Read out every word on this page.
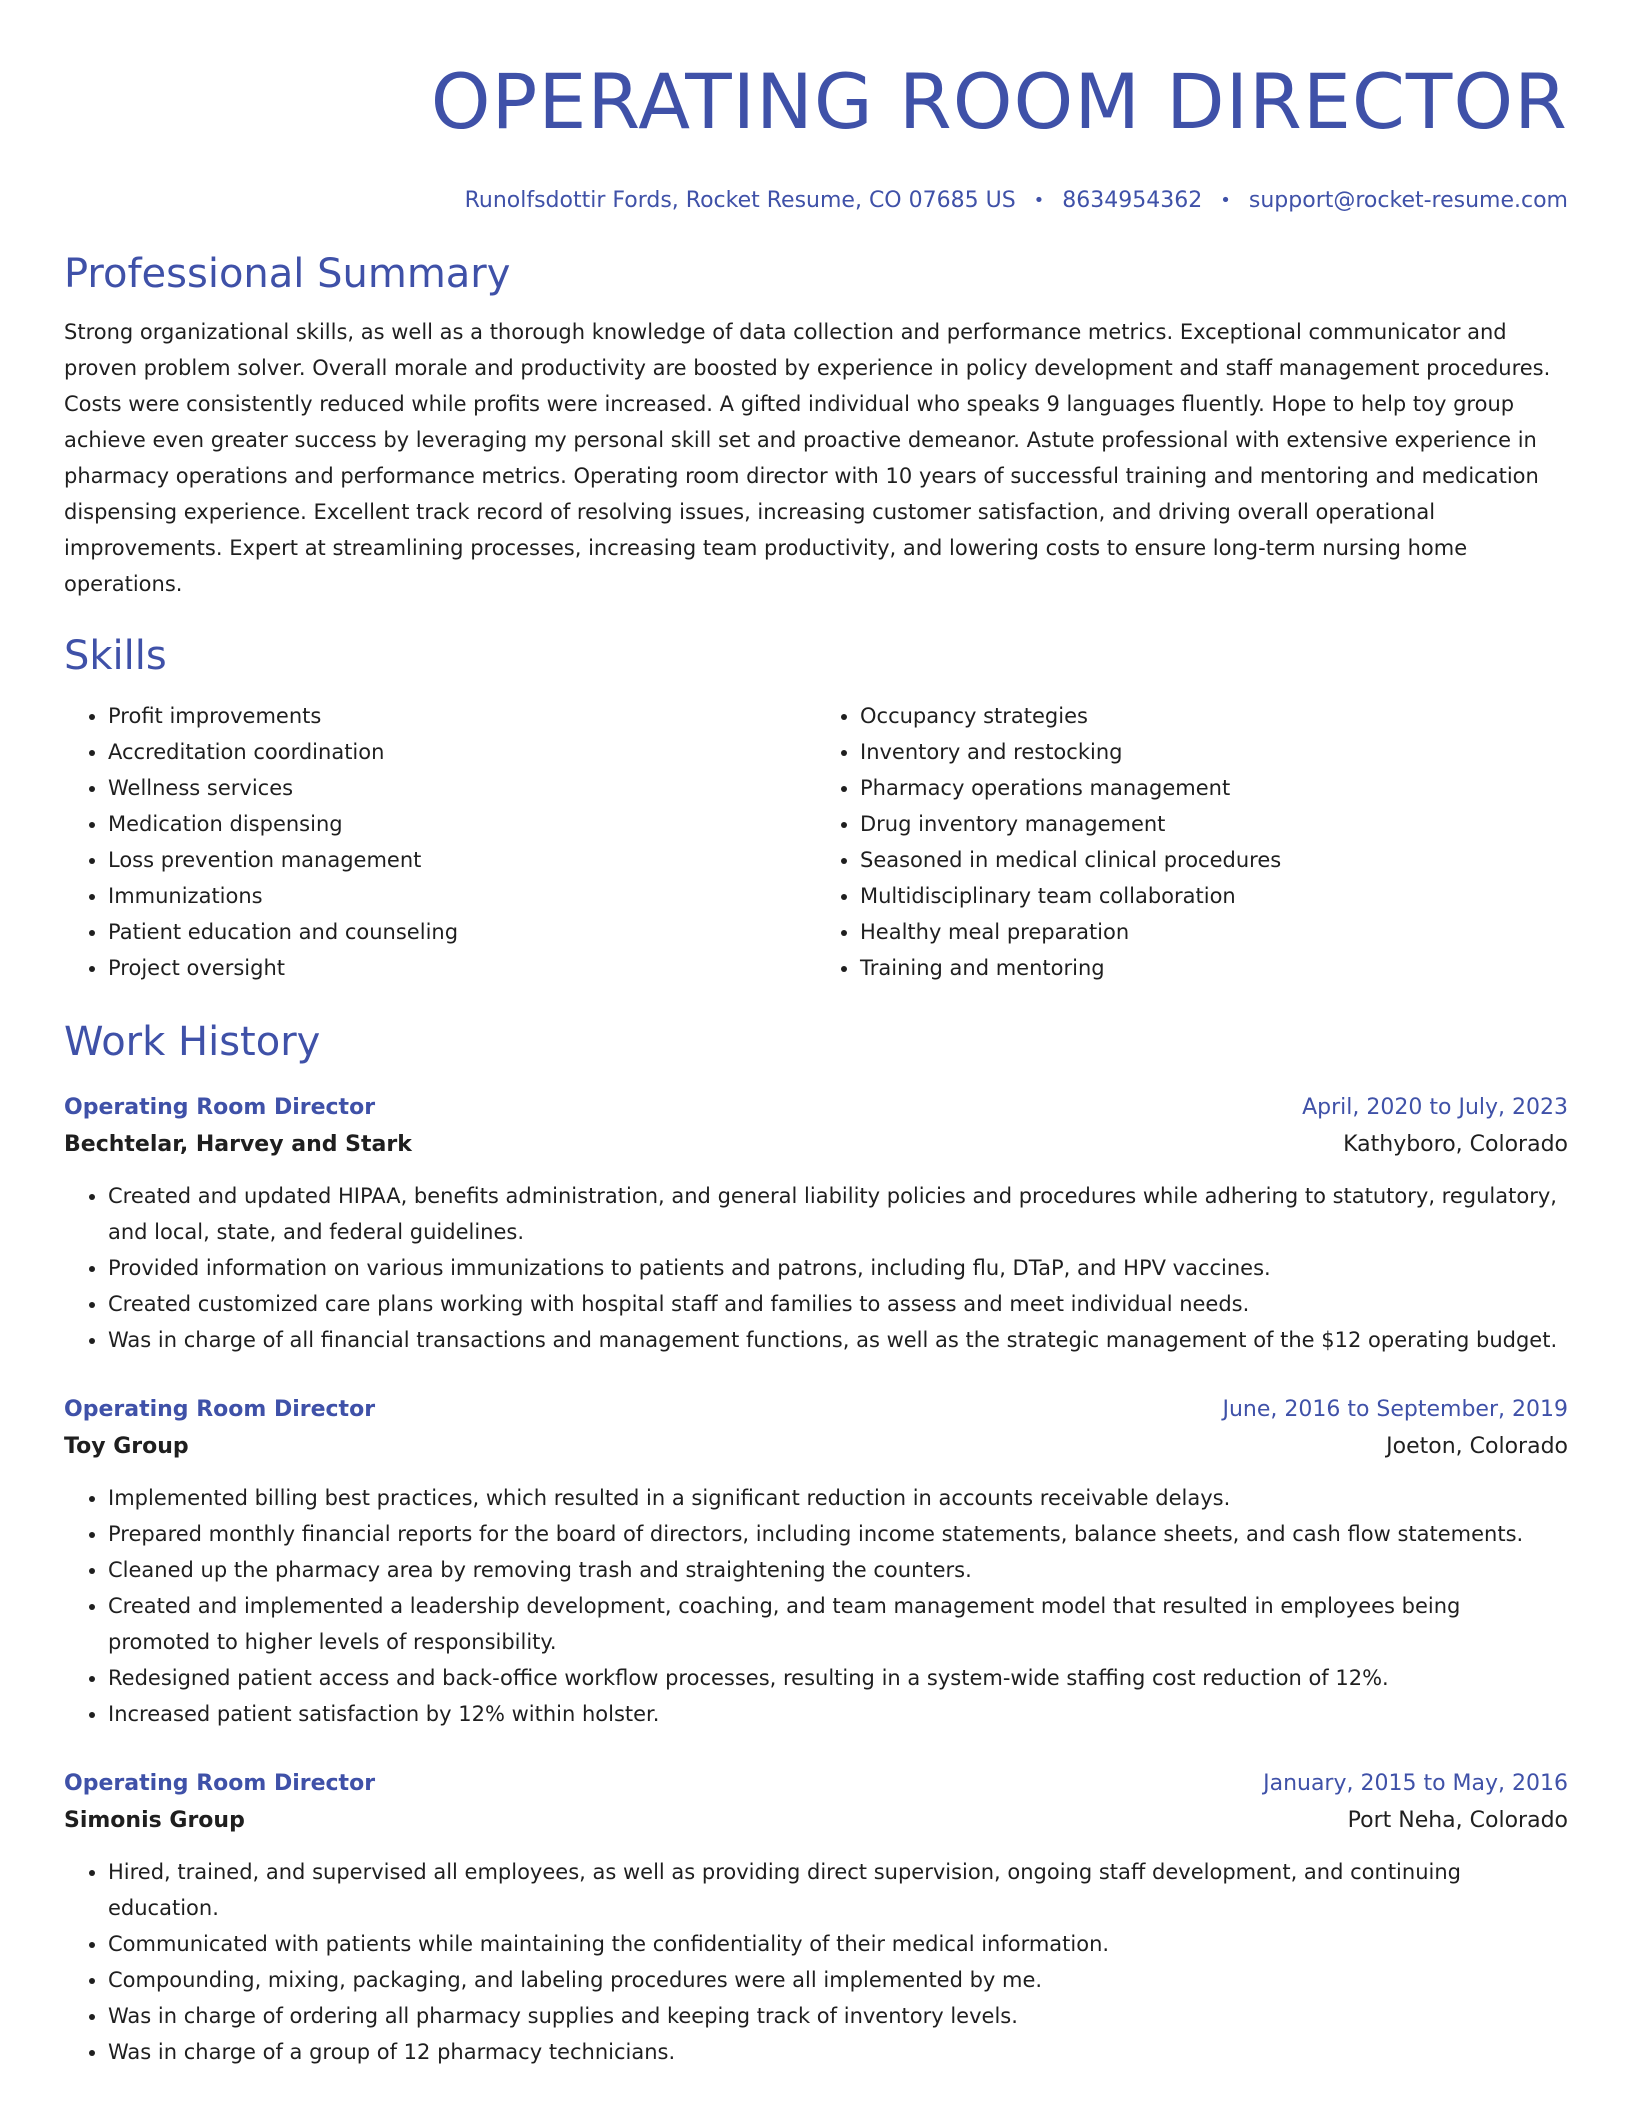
OPERATING ROOM DIRECTOR
Runolfsdottir Fords, Rocket Resume, CO 07685 US • 8634954362 • support@rocket-resume.com
Professional Summary

Strong organizational skills, as well as a thorough knowledge of data collection and performance metrics. Exceptional communicator and proven problem solver. Overall morale and productivity are boosted by experience in policy development and staff management procedures. Costs were consistently reduced while profits were increased. A gifted individual who speaks 9 languages fluently. Hope to help toy group achieve even greater success by leveraging my personal skill set and proactive demeanor. Astute professional with extensive experience in pharmacy operations and performance metrics. Operating room director with 10 years of successful training and mentoring and medication dispensing experience. Excellent track record of resolving issues, increasing customer satisfaction, and driving overall operational improvements. Expert at streamlining processes, increasing team productivity, and lowering costs to ensure long-term nursing home operations.

Skills
• Profit improvements
• Accreditation coordination
• Wellness services
• Medication dispensing
• Loss prevention management
• Immunizations
• Patient education and counseling
• Project oversight
• Occupancy strategies
• Inventory and restocking
• Pharmacy operations management
• Drug inventory management
• Seasoned in medical clinical procedures
• Multidisciplinary team collaboration
• Healthy meal preparation
• Training and mentoring
Work History
Operating Room Director	April, 2020 to July, 2023
Bechtelar, Harvey and Stark	Kathyboro, Colorado
• Created and updated HIPAA, benefits administration, and general liability policies and procedures while adhering to statutory, regulatory, and local, state, and federal guidelines.
• Provided information on various immunizations to patients and patrons, including flu, DTaP, and HPV vaccines.
• Created customized care plans working with hospital staff and families to assess and meet individual needs.
• Was in charge of all financial transactions and management functions, as well as the strategic management of the $12 operating budget.
Operating Room Director	June, 2016 to September, 2019
Toy Group	Joeton, Colorado
• Implemented billing best practices, which resulted in a significant reduction in accounts receivable delays.
• Prepared monthly financial reports for the board of directors, including income statements, balance sheets, and cash flow statements.
• Cleaned up the pharmacy area by removing trash and straightening the counters.
• Created and implemented a leadership development, coaching, and team management model that resulted in employees being promoted to higher levels of responsibility.
• Redesigned patient access and back-office workflow processes, resulting in a system-wide staffing cost reduction of 12%.
• Increased patient satisfaction by 12% within holster.
Operating Room Director	January, 2015 to May, 2016
Simonis Group	Port Neha, Colorado
• Hired, trained, and supervised all employees, as well as providing direct supervision, ongoing staff development, and continuing education.
• Communicated with patients while maintaining the confidentiality of their medical information.
• Compounding, mixing, packaging, and labeling procedures were all implemented by me.
• Was in charge of ordering all pharmacy supplies and keeping track of inventory levels.
• Was in charge of a group of 12 pharmacy technicians.
